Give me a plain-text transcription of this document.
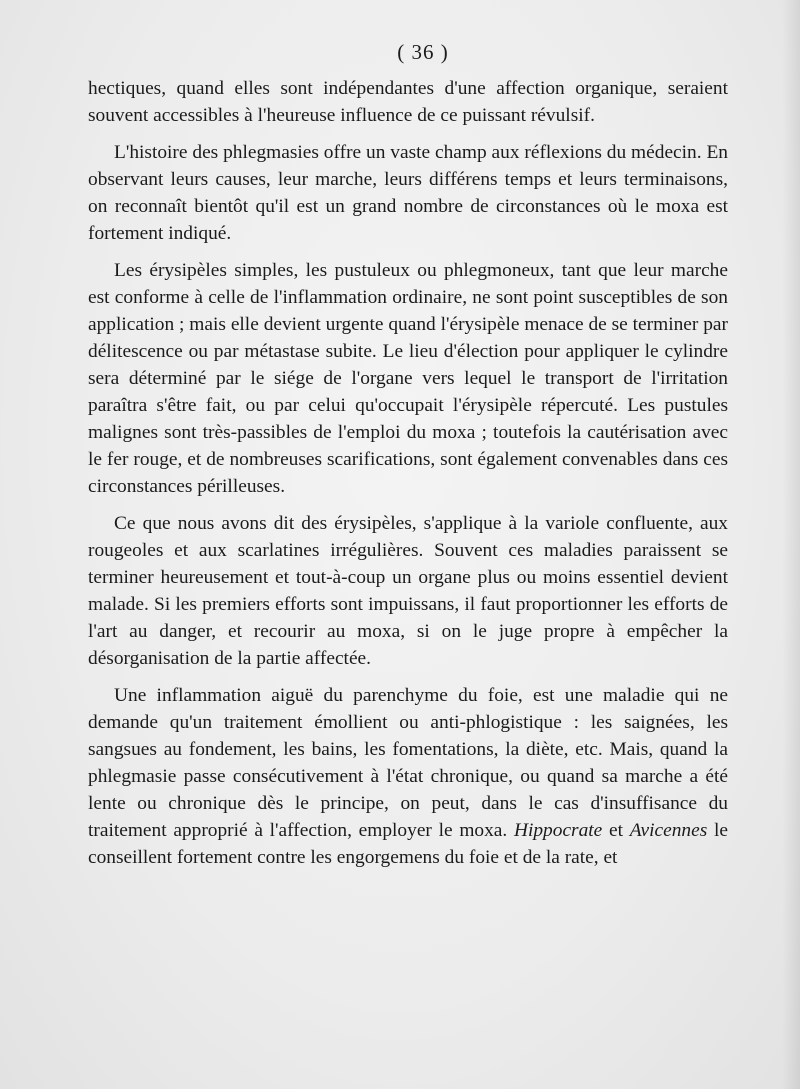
( 36 )

hectiques, quand elles sont indépendantes d'une affection organique, seraient souvent accessibles à l'heureuse influence de ce puissant révulsif.

L'histoire des phlegmasies offre un vaste champ aux réflexions du médecin. En observant leurs causes, leur marche, leurs différens temps et leurs terminaisons, on reconnaît bientôt qu'il est un grand nombre de circonstances où le moxa est fortement indiqué.

Les érysipèles simples, les pustuleux ou phlegmoneux, tant que leur marche est conforme à celle de l'inflammation ordinaire, ne sont point susceptibles de son application ; mais elle devient urgente quand l'érysipèle menace de se terminer par délitescence ou par métastase subite. Le lieu d'élection pour appliquer le cylindre sera déterminé par le siége de l'organe vers lequel le transport de l'irritation paraîtra s'être fait, ou par celui qu'occupait l'érysipèle répercuté. Les pustules malignes sont très-passibles de l'emploi du moxa ; toutefois la cautérisation avec le fer rouge, et de nombreuses scarifications, sont également convenables dans ces circonstances périlleuses.

Ce que nous avons dit des érysipèles, s'applique à la variole confluente, aux rougeoles et aux scarlatines irrégulières. Souvent ces maladies paraissent se terminer heureusement et tout-à-coup un organe plus ou moins essentiel devient malade. Si les premiers efforts sont impuissans, il faut proportionner les efforts de l'art au danger, et recourir au moxa, si on le juge propre à empêcher la désorganisation de la partie affectée.

Une inflammation aiguë du parenchyme du foie, est une maladie qui ne demande qu'un traitement émollient ou anti-phlogistique : les saignées, les sangsues au fondement, les bains, les fomentations, la diète, etc. Mais, quand la phlegmasie passe consécutivement à l'état chronique, ou quand sa marche a été lente ou chronique dès le principe, on peut, dans le cas d'insuffisance du traitement approprié à l'affection, employer le moxa. Hippocrate et Avicennes le conseillent fortement contre les engorgemens du foie et de la rate, et
